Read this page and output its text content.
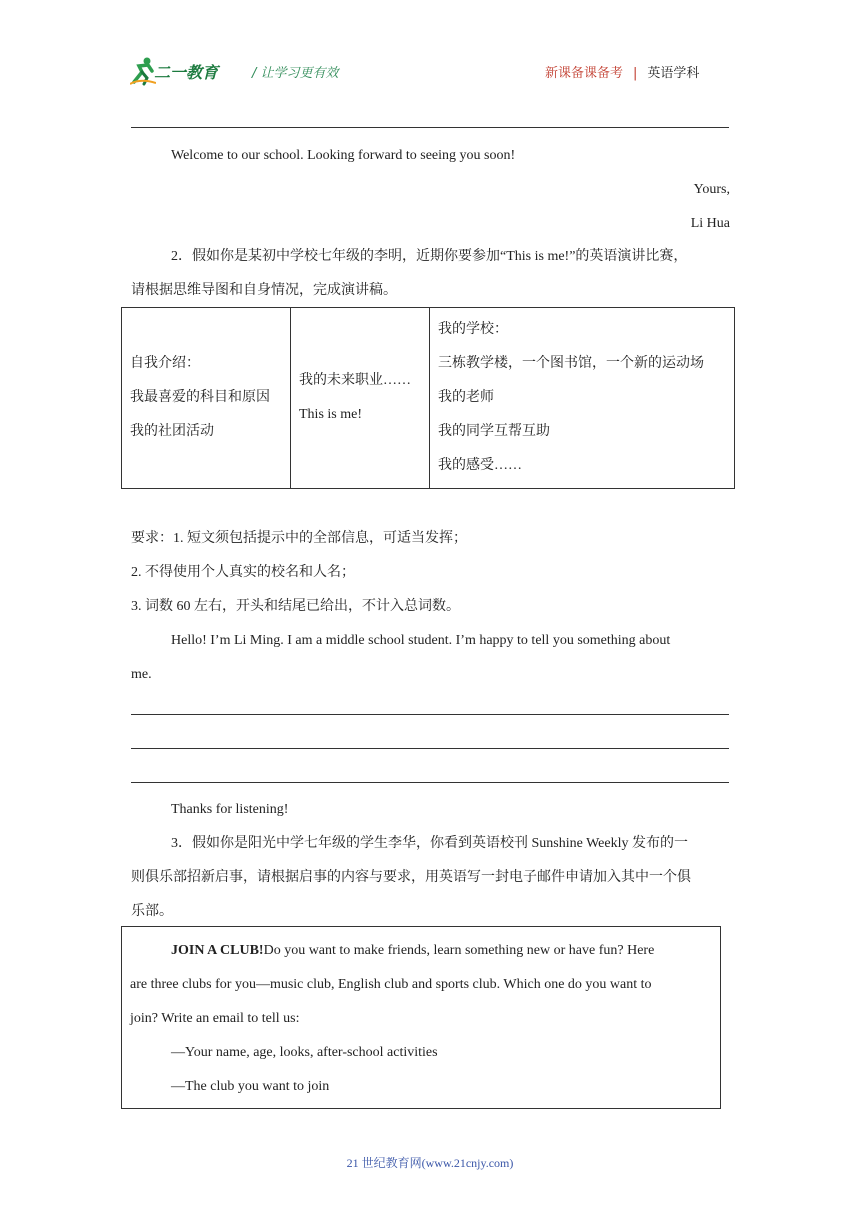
二一教育	/ 让学习更有效	新课备课备考 | 英语学科
Welcome to our school. Looking forward to seeing you soon!
Yours,
Li Hua
2．假如你是某初中学校七年级的李明，近期你要参加“This is me!”的英语演讲比赛，
请根据思维导图和自身情况，完成演讲稿。
自我介绍：
我最喜爱的科目和原因
我的社团活动

我的未来职业……
This is me!

我的学校：
三栋教学楼，一个图书馆，一个新的运动场
我的老师
我的同学互帮互助
我的感受……
要求：1. 短文须包括提示中的全部信息，可适当发挥；
2. 不得使用个人真实的校名和人名；
3. 词数 60 左右，开头和结尾已给出，不计入总词数。
Hello! I’m Li Ming. I am a middle school student. I’m happy to tell you something about
me.
Thanks for listening!
3．假如你是阳光中学七年级的学生李华，你看到英语校刊 Sunshine Weekly 发布的一
则俱乐部招新启事，请根据启事的内容与要求，用英语写一封电子邮件申请加入其中一个俱
乐部。
JOIN A CLUB!Do you want to make friends, learn something new or have fun? Here
are three clubs for you—music club, English club and sports club. Which one do you want to
join? Write an email to tell us:
—Your name, age, looks, after-school activities
—The club you want to join
21 世纪教育网(www.21cnjy.com)
